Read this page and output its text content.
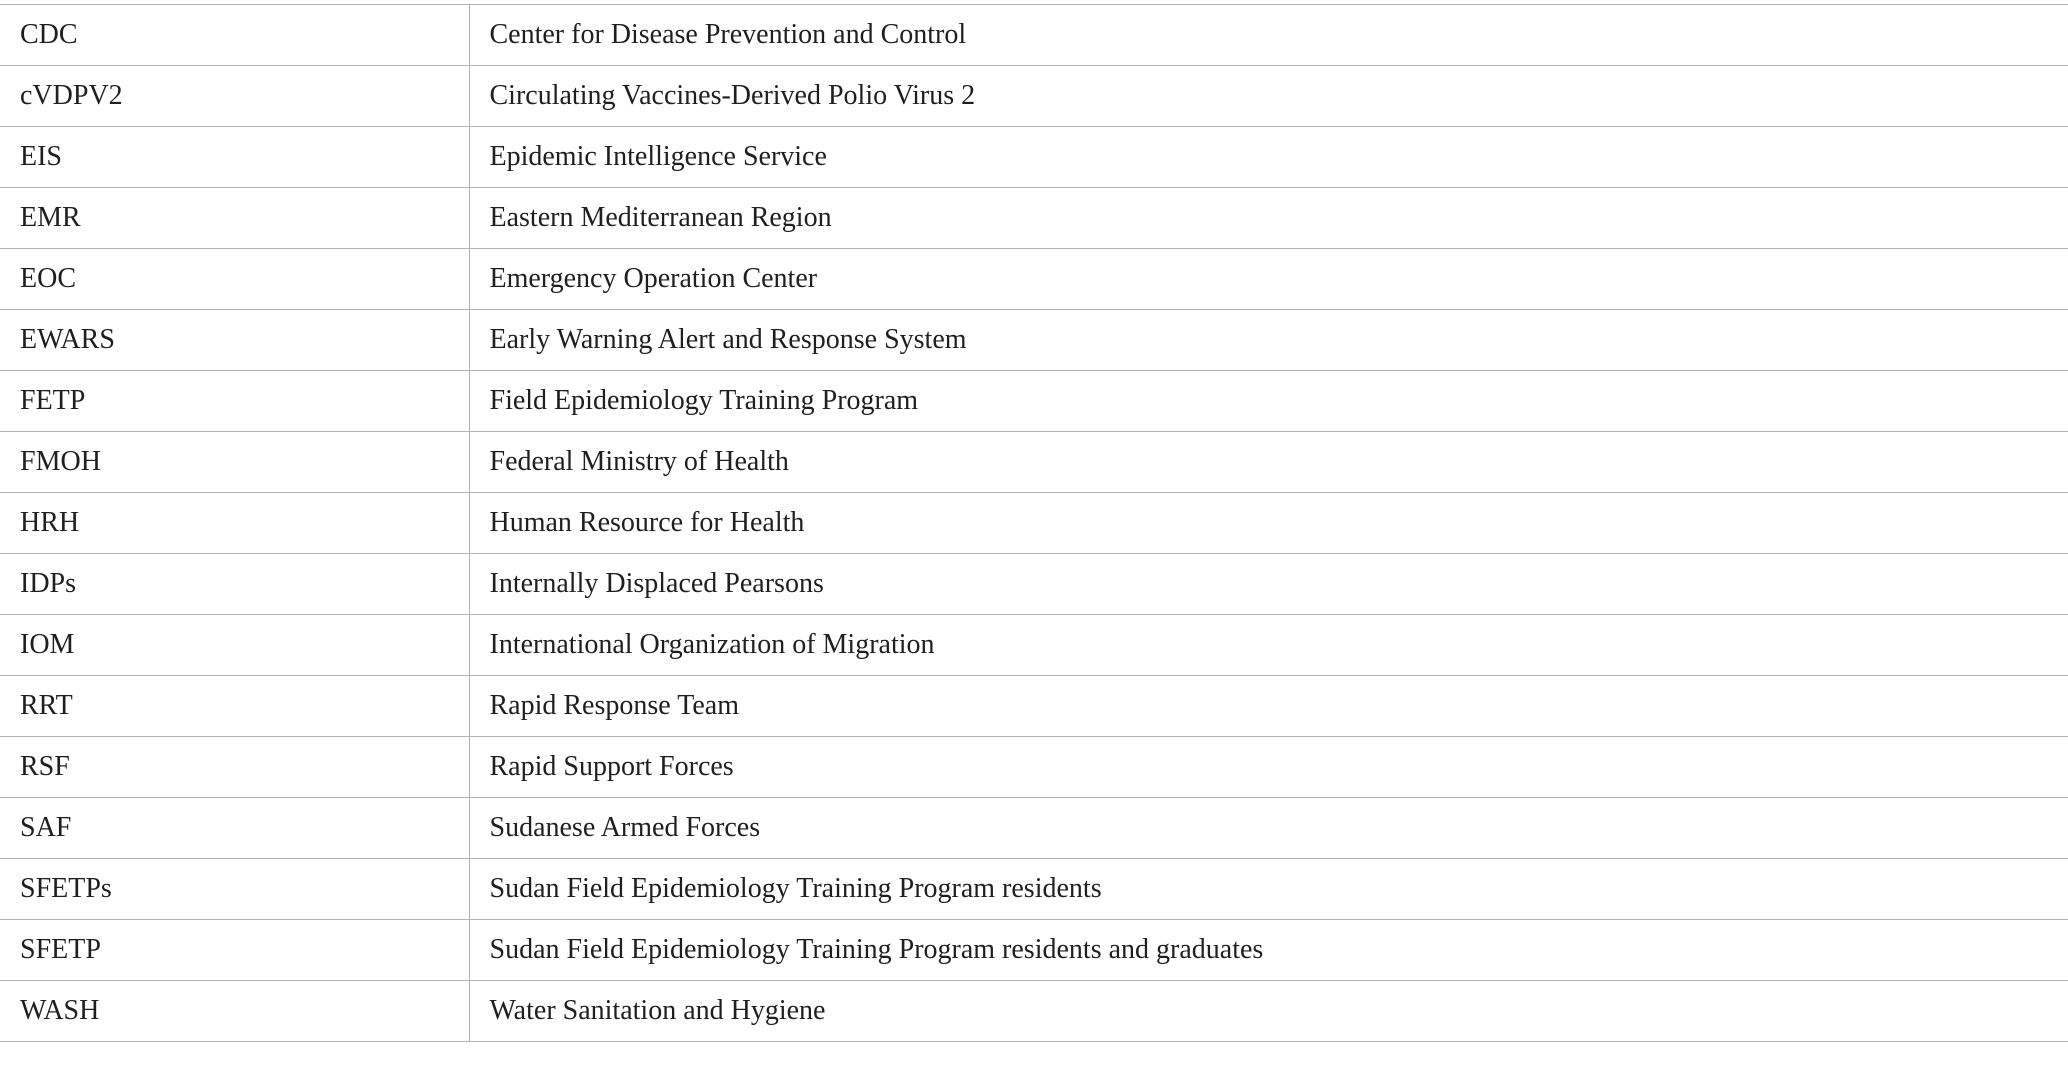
CDC	Center for Disease Prevention and Control
cVDPV2	Circulating Vaccines-Derived Polio Virus 2
EIS	Epidemic Intelligence Service
EMR	Eastern Mediterranean Region
EOC	Emergency Operation Center
EWARS	Early Warning Alert and Response System
FETP	Field Epidemiology Training Program
FMOH	Federal Ministry of Health
HRH	Human Resource for Health
IDPs	Internally Displaced Pearsons
IOM	International Organization of Migration
RRT	Rapid Response Team
RSF	Rapid Support Forces
SAF	Sudanese Armed Forces
SFETPs	Sudan Field Epidemiology Training Program residents
SFETP	Sudan Field Epidemiology Training Program residents and graduates
WASH	Water Sanitation and Hygiene
